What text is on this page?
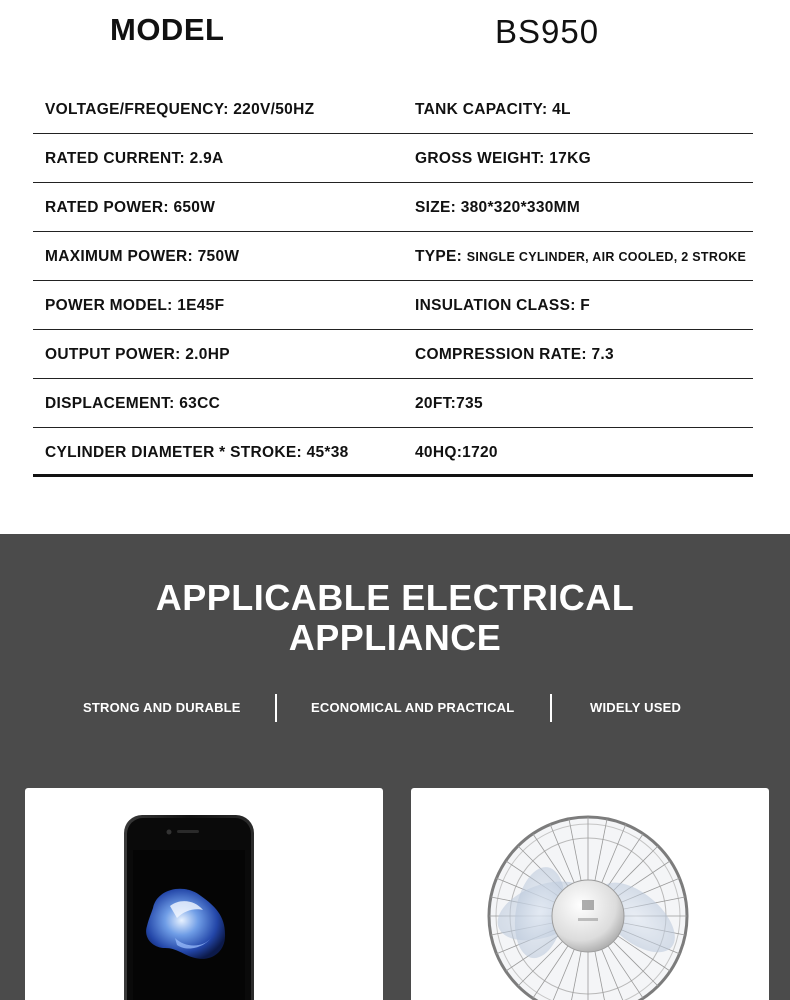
MODEL	BS950
VOLTAGE/FREQUENCY: 220V/50HZ	TANK CAPACITY: 4L
RATED CURRENT: 2.9A	GROSS WEIGHT: 17KG
RATED POWER: 650W	SIZE: 380*320*330MM
MAXIMUM POWER: 750W	TYPE: SINGLE CYLINDER, AIR COOLED, 2 STROKE
POWER MODEL: 1E45F	INSULATION CLASS: F
OUTPUT POWER: 2.0HP	COMPRESSION RATE: 7.3
DISPLACEMENT: 63CC	20FT:735
CYLINDER DIAMETER * STROKE: 45*38	40HQ:1720
APPLICABLE ELECTRICAL
APPLIANCE
STRONG AND DURABLE	ECONOMICAL AND PRACTICAL	WIDELY USED
